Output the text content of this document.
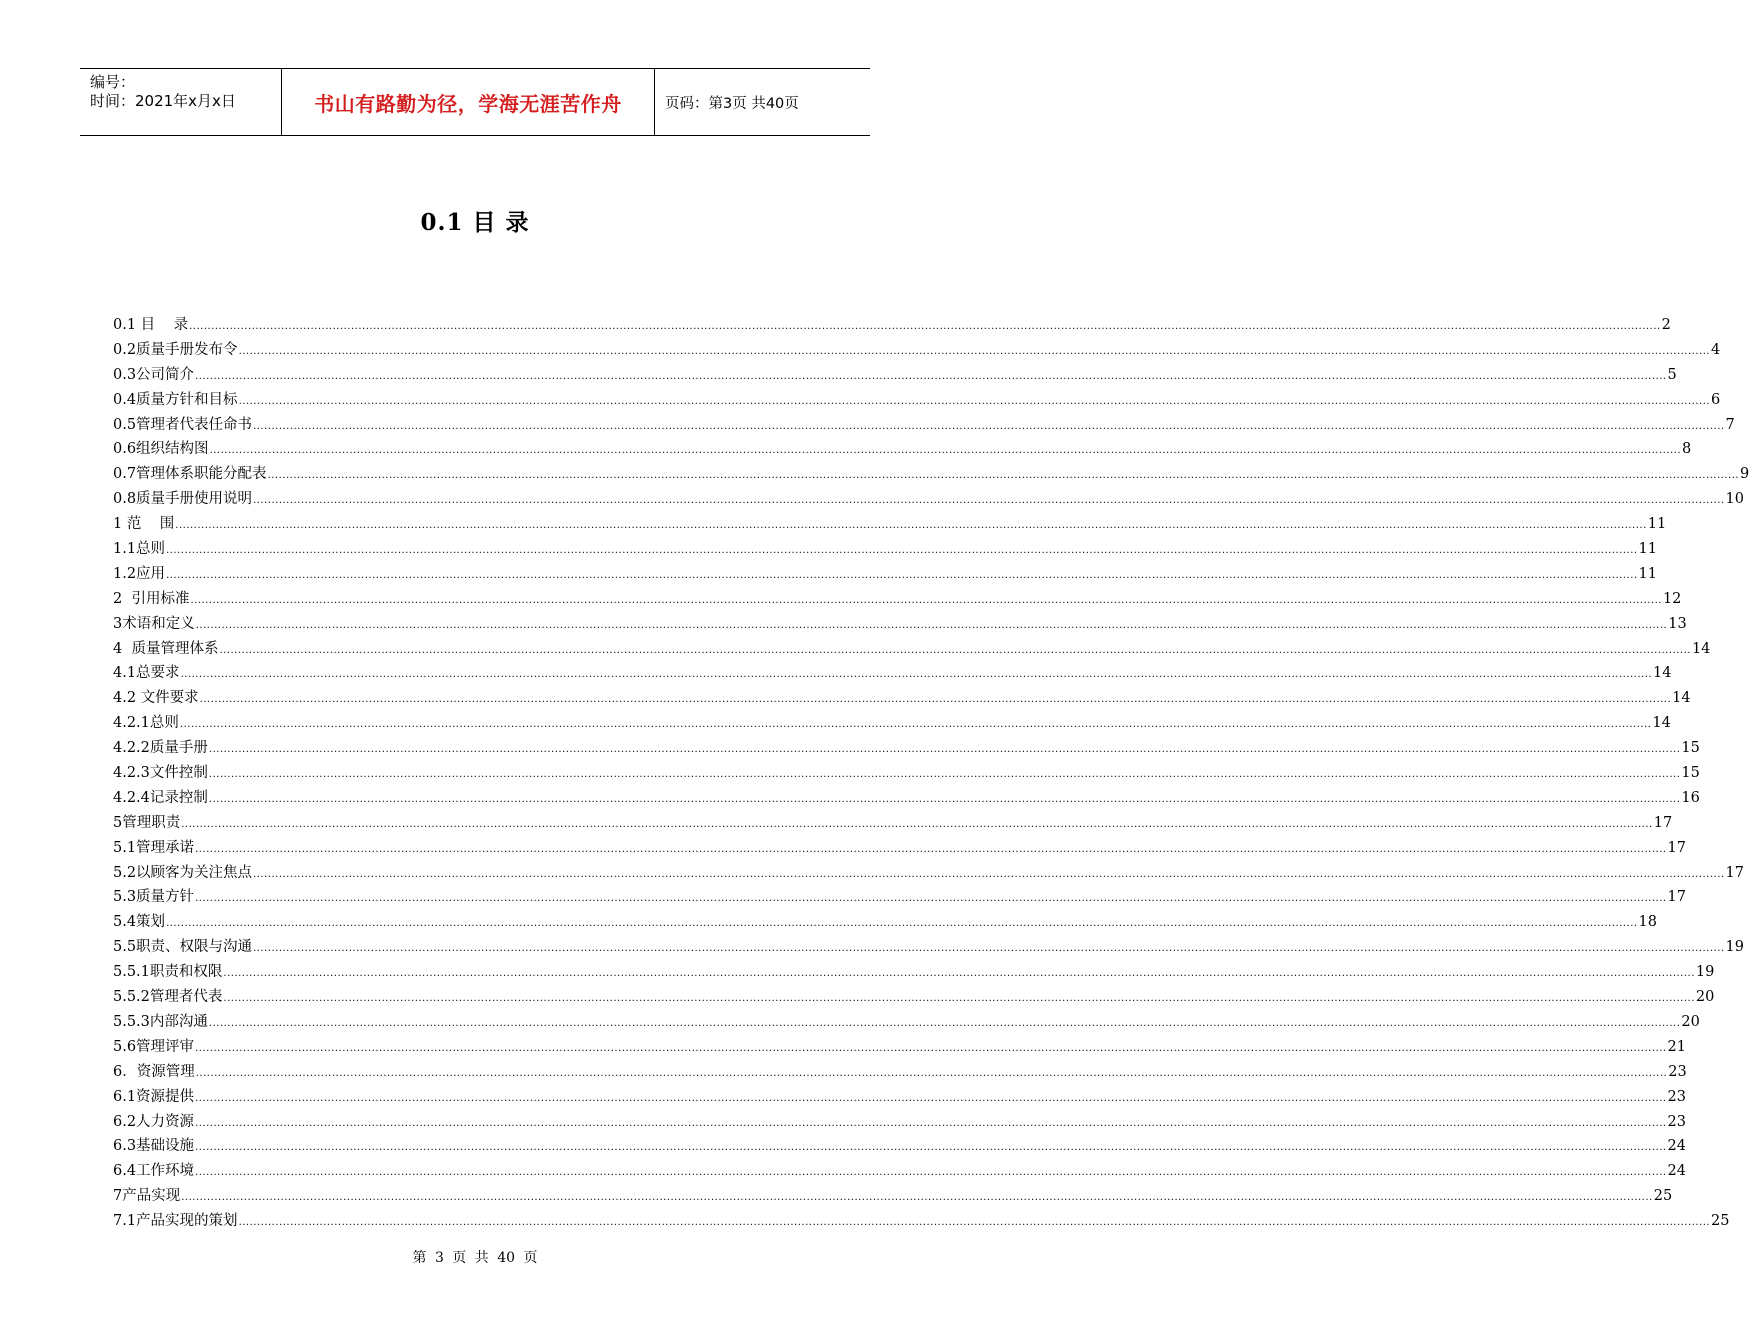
编号：
时间：2021年x月x日	书山有路勤为径，学海无涯苦作舟	页码：第3页 共40页
0.1 目 录
0.1 目    录 ................................................................................................................................................................................................................................................................................................................................................................................................................ 2
0.2质量手册发布令 ................................................................................................................................................................................................................................................................................................................................................................................................................ 4
0.3公司简介 ................................................................................................................................................................................................................................................................................................................................................................................................................ 5
0.4质量方针和目标 ................................................................................................................................................................................................................................................................................................................................................................................................................ 6
0.5管理者代表任命书 ................................................................................................................................................................................................................................................................................................................................................................................................................ 7
0.6组织结构图 ................................................................................................................................................................................................................................................................................................................................................................................................................ 8
0.7管理体系职能分配表 ................................................................................................................................................................................................................................................................................................................................................................................................................ 9
0.8质量手册使用说明 ................................................................................................................................................................................................................................................................................................................................................................................................................ 10
1 范    围 ................................................................................................................................................................................................................................................................................................................................................................................................................ 11
1.1总则 ................................................................................................................................................................................................................................................................................................................................................................................................................ 11
1.2应用 ................................................................................................................................................................................................................................................................................................................................................................................................................ 11
2  引用标准 ................................................................................................................................................................................................................................................................................................................................................................................................................ 12
3术语和定义 ................................................................................................................................................................................................................................................................................................................................................................................................................ 13
4  质量管理体系 ................................................................................................................................................................................................................................................................................................................................................................................................................ 14
4.1总要求 ................................................................................................................................................................................................................................................................................................................................................................................................................ 14
4.2 文件要求 ................................................................................................................................................................................................................................................................................................................................................................................................................ 14
4.2.1总则 ................................................................................................................................................................................................................................................................................................................................................................................................................ 14
4.2.2质量手册 ................................................................................................................................................................................................................................................................................................................................................................................................................ 15
4.2.3文件控制 ................................................................................................................................................................................................................................................................................................................................................................................................................ 15
4.2.4记录控制 ................................................................................................................................................................................................................................................................................................................................................................................................................ 16
5管理职责 ................................................................................................................................................................................................................................................................................................................................................................................................................ 17
5.1管理承诺 ................................................................................................................................................................................................................................................................................................................................................................................................................ 17
5.2以顾客为关注焦点 ................................................................................................................................................................................................................................................................................................................................................................................................................ 17
5.3质量方针 ................................................................................................................................................................................................................................................................................................................................................................................................................ 17
5.4策划 ................................................................................................................................................................................................................................................................................................................................................................................................................ 18
5.5职责、权限与沟通 ................................................................................................................................................................................................................................................................................................................................................................................................................ 19
5.5.1职责和权限 ................................................................................................................................................................................................................................................................................................................................................................................................................ 19
5.5.2管理者代表 ................................................................................................................................................................................................................................................................................................................................................................................................................ 20
5.5.3内部沟通 ................................................................................................................................................................................................................................................................................................................................................................................................................ 20
5.6管理评审 ................................................................................................................................................................................................................................................................................................................................................................................................................ 21
6．资源管理 ................................................................................................................................................................................................................................................................................................................................................................................................................ 23
6.1资源提供 ................................................................................................................................................................................................................................................................................................................................................................................................................ 23
6.2人力资源 ................................................................................................................................................................................................................................................................................................................................................................................................................ 23
6.3基础设施 ................................................................................................................................................................................................................................................................................................................................................................................................................ 24
6.4工作环境 ................................................................................................................................................................................................................................................................................................................................................................................................................ 24
7产品实现 ................................................................................................................................................................................................................................................................................................................................................................................................................ 25
7.1产品实现的策划 ................................................................................................................................................................................................................................................................................................................................................................................................................ 25
第 3 页 共 40 页
